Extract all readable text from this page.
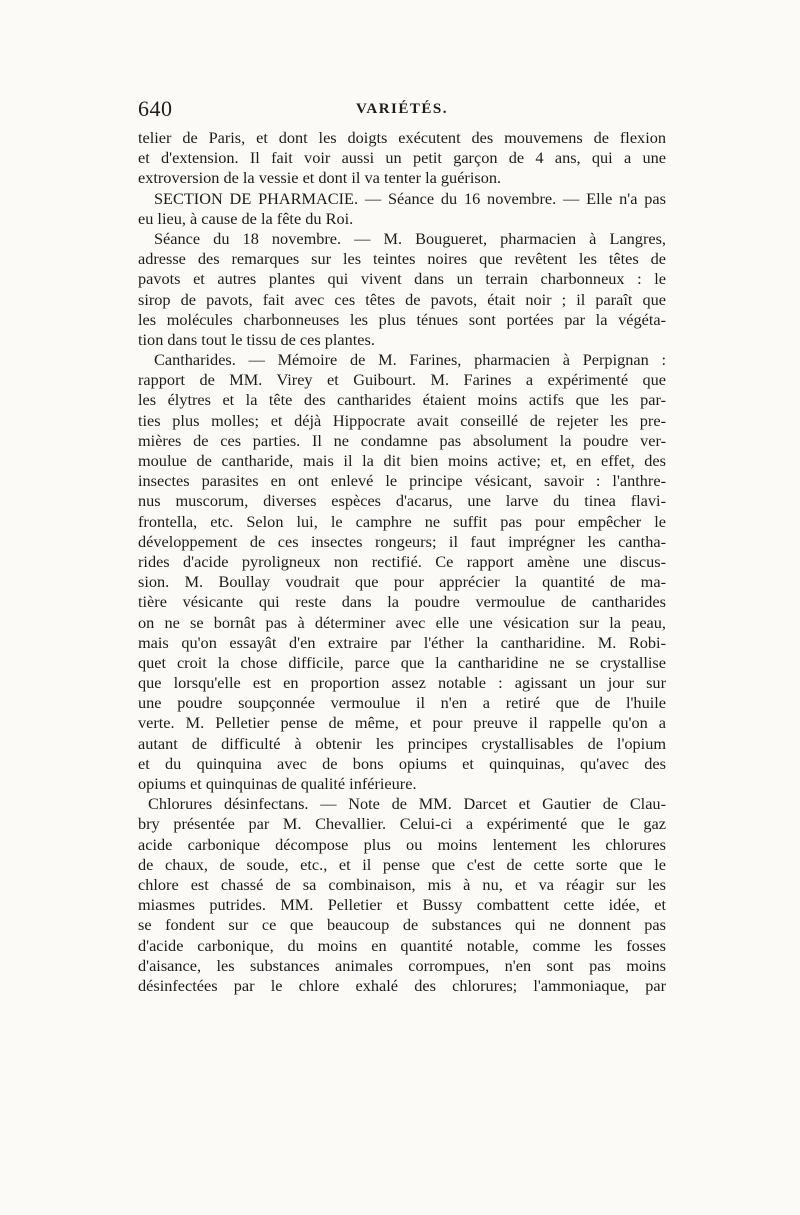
640	VARIÉTÉS.
telier de Paris, et dont les doigts exécutent des mouvemens de flexion
et d'extension. Il fait voir aussi un petit garçon de 4 ans, qui a une
extroversion de la vessie et dont il va tenter la guérison.
SECTION DE PHARMACIE. — Séance du 16 novembre. — Elle n'a pas
eu lieu, à cause de la fête du Roi.
Séance du 18 novembre. — M. Bougueret, pharmacien à Langres,
adresse des remarques sur les teintes noires que revêtent les têtes de
pavots et autres plantes qui vivent dans un terrain charbonneux : le
sirop de pavots, fait avec ces têtes de pavots, était noir ; il paraît que
les molécules charbonneuses les plus ténues sont portées par la végéta-
tion dans tout le tissu de ces plantes.
Cantharides. — Mémoire de M. Farines, pharmacien à Perpignan :
rapport de MM. Virey et Guibourt. M. Farines a expérimenté que
les élytres et la tête des cantharides étaient moins actifs que les par-
ties plus molles; et déjà Hippocrate avait conseillé de rejeter les pre-
mières de ces parties. Il ne condamne pas absolument la poudre ver-
moulue de cantharide, mais il la dit bien moins active; et, en effet, des
insectes parasites en ont enlevé le principe vésicant, savoir : l'anthre-
nus muscorum, diverses espèces d'acarus, une larve du tinea flavi-
frontella, etc. Selon lui, le camphre ne suffit pas pour empêcher le
développement de ces insectes rongeurs; il faut imprégner les cantha-
rides d'acide pyroligneux non rectifié. Ce rapport amène une discus-
sion. M. Boullay voudrait que pour apprécier la quantité de ma-
tière vésicante qui reste dans la poudre vermoulue de cantharides
on ne se bornât pas à déterminer avec elle une vésication sur la peau,
mais qu'on essayât d'en extraire par l'éther la cantharidine. M. Robi-
quet croit la chose difficile, parce que la cantharidine ne se crystallise
que lorsqu'elle est en proportion assez notable : agissant un jour sur
une poudre soupçonnée vermoulue il n'en a retiré que de l'huile
verte. M. Pelletier pense de même, et pour preuve il rappelle qu'on a
autant de difficulté à obtenir les principes crystallisables de l'opium
et du quinquina avec de bons opiums et quinquinas, qu'avec des
opiums et quinquinas de qualité inférieure.
Chlorures désinfectans. — Note de MM. Darcet et Gautier de Clau-
bry présentée par M. Chevallier. Celui-ci a expérimenté que le gaz
acide carbonique décompose plus ou moins lentement les chlorures
de chaux, de soude, etc., et il pense que c'est de cette sorte que le
chlore est chassé de sa combinaison, mis à nu, et va réagir sur les
miasmes putrides. MM. Pelletier et Bussy combattent cette idée, et
se fondent sur ce que beaucoup de substances qui ne donnent pas
d'acide carbonique, du moins en quantité notable, comme les fosses
d'aisance, les substances animales corrompues, n'en sont pas moins
désinfectées par le chlore exhalé des chlorures; l'ammoniaque, par
